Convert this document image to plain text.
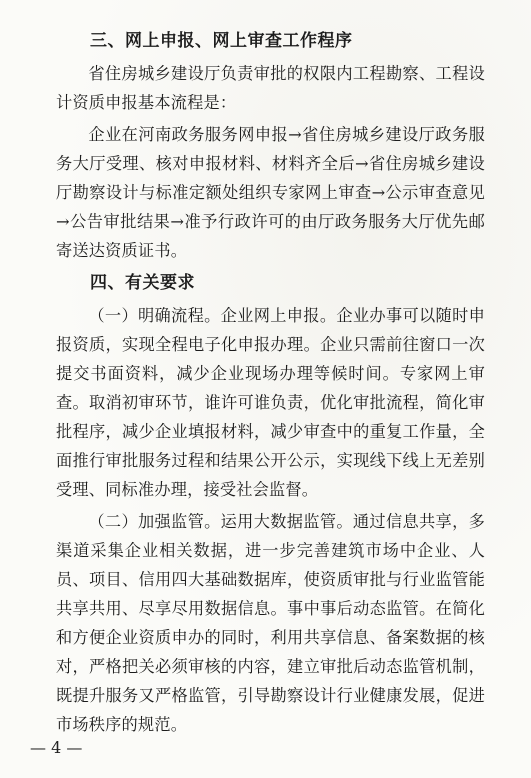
三、网上申报、网上审查工作程序

省住房城乡建设厅负责审批的权限内工程勘察、工程设计资质申报基本流程是：

企业在河南政务服务网申报→省住房城乡建设厅政务服务大厅受理、核对申报材料、材料齐全后→省住房城乡建设厅勘察设计与标准定额处组织专家网上审查→公示审查意见→公告审批结果→准予行政许可的由厅政务服务大厅优先邮寄送达资质证书。

四、有关要求

（一）明确流程。企业网上申报。企业办事可以随时申报资质，实现全程电子化申报办理。企业只需前往窗口一次提交书面资料，减少企业现场办理等候时间。专家网上审查。取消初审环节，谁许可谁负责，优化审批流程，简化审批程序，减少企业填报材料，减少审查中的重复工作量，全面推行审批服务过程和结果公开公示，实现线下线上无差别受理、同标准办理，接受社会监督。

（二）加强监管。运用大数据监管。通过信息共享，多渠道采集企业相关数据，进一步完善建筑市场中企业、人员、项目、信用四大基础数据库，使资质审批与行业监管能共享共用、尽享尽用数据信息。事中事后动态监管。在简化和方便企业资质申办的同时，利用共享信息、备案数据的核对，严格把关必须审核的内容，建立审批后动态监管机制，既提升服务又严格监管，引导勘察设计行业健康发展，促进市场秩序的规范。

— 4 —
